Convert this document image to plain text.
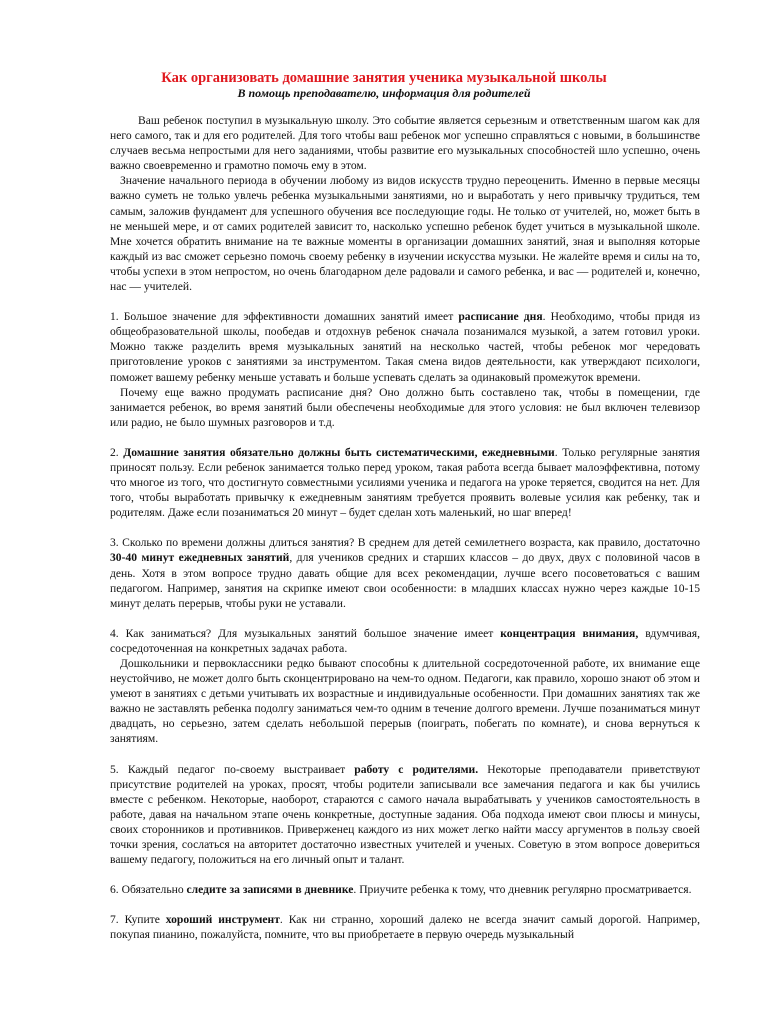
Как организовать домашние занятия ученика музыкальной школы
В помощь преподавателю, информация для родителей

Ваш ребенок поступил в музыкальную школу. Это событие является серьезным и ответственным шагом как для него самого, так и для его родителей. Для того чтобы ваш ребенок мог успешно справляться с новыми, в большинстве случаев весьма непростыми для него заданиями, чтобы развитие его музыкальных способностей шло успешно, очень важно своевременно и грамотно помочь ему в этом.

Значение начального периода в обучении любому из видов искусств трудно переоценить. Именно в первые месяцы важно суметь не только увлечь ребенка музыкальными занятиями, но и выработать у него привычку трудиться, тем самым, заложив фундамент для успешного обучения все последующие годы. Не только от учителей, но, может быть в не меньшей мере, и от самих родителей зависит то, насколько успешно ребенок будет учиться в музыкальной школе. Мне хочется обратить внимание на те важные моменты в организации домашних занятий, зная и выполняя которые каждый из вас сможет серьезно помочь своему ребенку в изучении искусства музыки. Не жалейте время и силы на то, чтобы успехи в этом непростом, но очень благодарном деле радовали и самого ребенка, и вас — родителей и, конечно, нас — учителей.

1. Большое значение для эффективности домашних занятий имеет расписание дня. Необходимо, чтобы придя из общеобразовательной школы, пообедав и отдохнув ребенок сначала позанимался музыкой, а затем готовил уроки. Можно также разделить время музыкальных занятий на несколько частей, чтобы ребенок мог чередовать приготовление уроков с занятиями за инструментом. Такая смена видов деятельности, как утверждают психологи, поможет вашему ребенку меньше уставать и больше успевать сделать за одинаковый промежуток времени.

Почему еще важно продумать расписание дня? Оно должно быть составлено так, чтобы в помещении, где занимается ребенок, во время занятий были обеспечены необходимые для этого условия: не был включен телевизор или радио, не было шумных разговоров и т.д.

2. Домашние занятия обязательно должны быть систематическими, ежедневными. Только регулярные занятия приносят пользу. Если ребенок занимается только перед уроком, такая работа всегда бывает малоэффективна, потому что многое из того, что достигнуто совместными усилиями ученика и педагога на уроке теряется, сводится на нет. Для того, чтобы выработать привычку к ежедневным занятиям требуется проявить волевые усилия как ребенку, так и родителям. Даже если позаниматься 20 минут – будет сделан хоть маленький, но шаг вперед!

3. Сколько по времени должны длиться занятия? В среднем для детей семилетнего возраста, как правило, достаточно 30-40 минут ежедневных занятий, для учеников средних и старших классов – до двух, двух с половиной часов в день. Хотя в этом вопросе трудно давать общие для всех рекомендации, лучше всего посоветоваться с вашим педагогом. Например, занятия на скрипке имеют свои особенности: в младших классах нужно через каждые 10-15 минут делать перерыв, чтобы руки не уставали.

4. Как заниматься? Для музыкальных занятий большое значение имеет концентрация внимания, вдумчивая, сосредоточенная на конкретных задачах работа.

Дошкольники и первоклассники редко бывают способны к длительной сосредоточенной работе, их внимание еще неустойчиво, не может долго быть сконцентрировано на чем-то одном. Педагоги, как правило, хорошо знают об этом и умеют в занятиях с детьми учитывать их возрастные и индивидуальные особенности. При домашних занятиях так же важно не заставлять ребенка подолгу заниматься чем-то одним в течение долгого времени. Лучше позаниматься минут двадцать, но серьезно, затем сделать небольшой перерыв (поиграть, побегать по комнате), и снова вернуться к занятиям.

5. Каждый педагог по-своему выстраивает работу с родителями. Некоторые преподаватели приветствуют присутствие родителей на уроках, просят, чтобы родители записывали все замечания педагога и как бы учились вместе с ребенком. Некоторые, наоборот, стараются с самого начала вырабатывать у учеников самостоятельность в работе, давая на начальном этапе очень конкретные, доступные задания. Оба подхода имеют свои плюсы и минусы, своих сторонников и противников. Приверженец каждого из них может легко найти массу аргументов в пользу своей точки зрения, сослаться на авторитет достаточно известных учителей и ученых. Советую в этом вопросе довериться вашему педагогу, положиться на его личный опыт и талант.

6. Обязательно следите за записями в дневнике. Приучите ребенка к тому, что дневник регулярно просматривается.

7. Купите хороший инструмент. Как ни странно, хороший далеко не всегда значит самый дорогой. Например, покупая пианино, пожалуйста, помните, что вы приобретаете в первую очередь музыкальный
